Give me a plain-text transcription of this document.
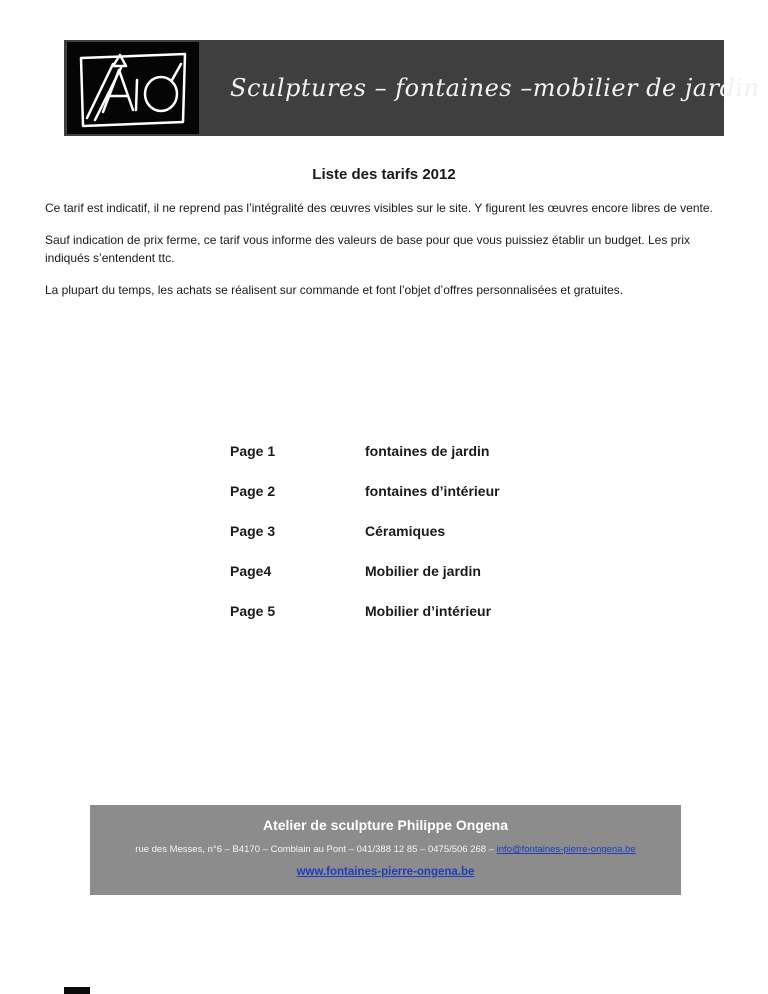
Sculptures – fontaines –mobilier de jardin
Liste des tarifs 2012

Ce tarif est indicatif, il ne reprend pas l’intégralité des œuvres visibles sur le site. Y figurent les œuvres encore libres de vente.

Sauf indication de prix ferme, ce tarif vous informe des valeurs de base pour que vous puissiez établir un budget. Les prix indiqués s’entendent ttc.

La plupart du temps, les achats se réalisent sur commande et font l’objet d’offres personnalisées et gratuites.

Page 1	fontaines de jardin
Page 2	fontaines d’intérieur
Page 3	Céramiques
Page4	Mobilier de jardin
Page 5	Mobilier d’intérieur
Atelier de sculpture Philippe Ongena
rue des Messes, n°6 – B4170 – Comblain au Pont – 041/388 12 85 – 0475/506 268 – info@fontaines-pierre-ongena.be
www.fontaines-pierre-ongena.be
